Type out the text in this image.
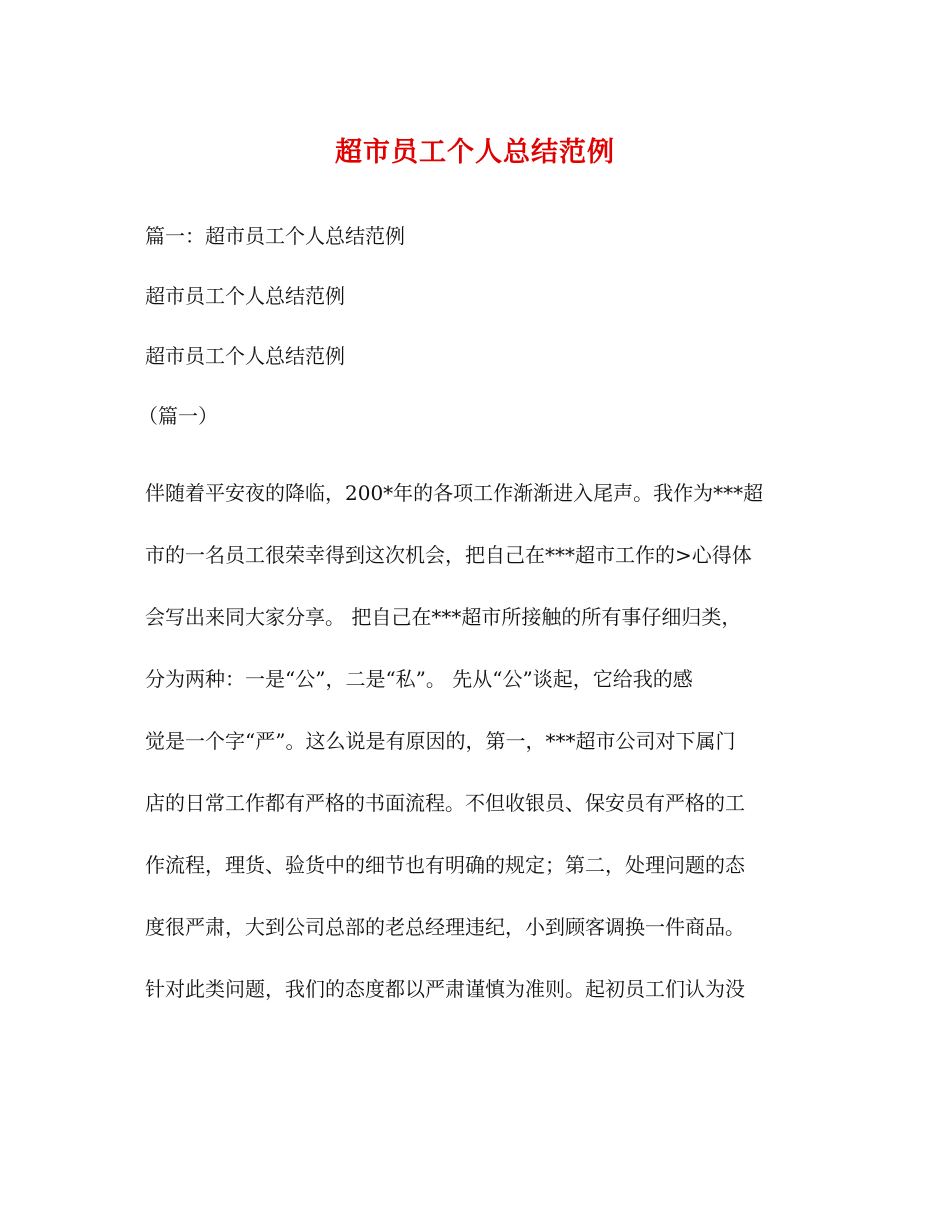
超市员工个人总结范例

篇一：超市员工个人总结范例

超市员工个人总结范例

超市员工个人总结范例

（篇一）

伴随着平安夜的降临，200*年的各项工作渐渐进入尾声。我作为***超
市的一名员工很荣幸得到这次机会，把自己在***超市工作的>心得体
会写出来同大家分享。 把自己在***超市所接触的所有事仔细归类，
分为两种：一是“公”，二是“私”。 先从“公”谈起，它给我的感
觉是一个字“严”。这么说是有原因的，第一，***超市公司对下属门
店的日常工作都有严格的书面流程。不但收银员、保安员有严格的工
作流程，理货、验货中的细节也有明确的规定；第二，处理问题的态
度很严肃，大到公司总部的老总经理违纪，小到顾客调换一件商品。
针对此类问题，我们的态度都以严肃谨慎为准则。起初员工们认为没
